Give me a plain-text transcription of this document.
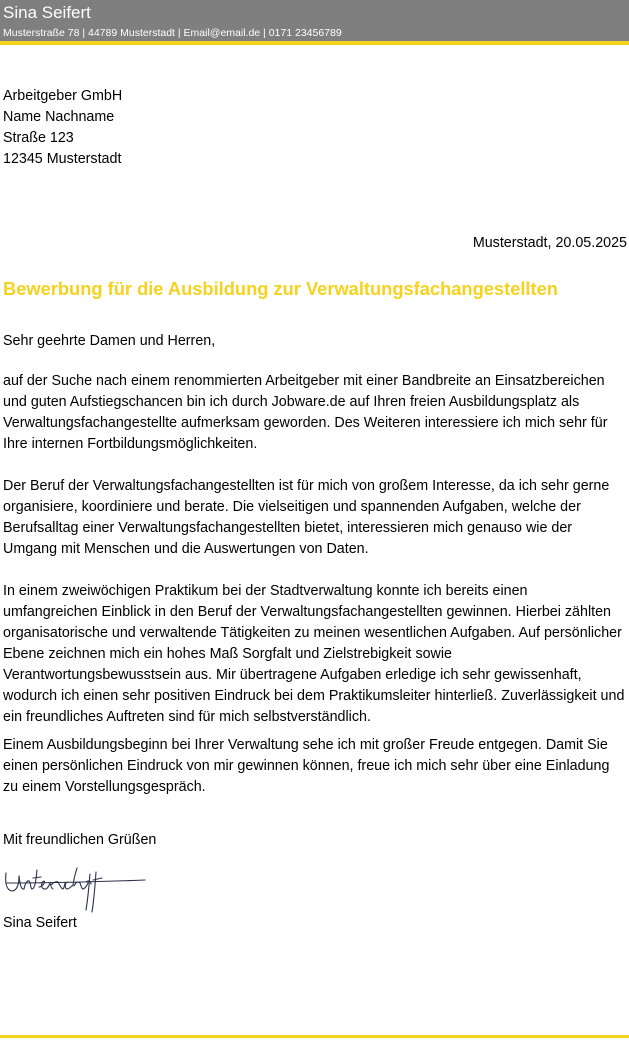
Sina Seifert
Musterstraße 78 | 44789 Musterstadt | Email@email.de | 0171 23456789
Arbeitgeber GmbH
Name Nachname
Straße 123
12345 Musterstadt
Musterstadt, 20.05.2025
Bewerbung für die Ausbildung zur Verwaltungsfachangestellten
Sehr geehrte Damen und Herren,

auf der Suche nach einem renommierten Arbeitgeber mit einer Bandbreite an Einsatzbereichen und guten Aufstiegschancen bin ich durch Jobware.de auf Ihren freien Ausbildungsplatz als Verwaltungsfachangestellte aufmerksam geworden. Des Weiteren interessiere ich mich sehr für Ihre internen Fortbildungsmöglichkeiten.

Der Beruf der Verwaltungsfachangestellten ist für mich von großem Interesse, da ich sehr gerne organisiere, koordiniere und berate. Die vielseitigen und spannenden Aufgaben, welche der Berufsalltag einer Verwaltungsfachangestellten bietet, interessieren mich genauso wie der Umgang mit Menschen und die Auswertungen von Daten.

In einem zweiwöchigen Praktikum bei der Stadtverwaltung konnte ich bereits einen umfangreichen Einblick in den Beruf der Verwaltungsfachangestellten gewinnen. Hierbei zählten organisatorische und verwaltende Tätigkeiten zu meinen wesentlichen Aufgaben. Auf persönlicher Ebene zeichnen mich ein hohes Maß Sorgfalt und Zielstrebigkeit sowie Verantwortungsbewusstsein aus. Mir übertragene Aufgaben erledige ich sehr gewissenhaft, wodurch ich einen sehr positiven Eindruck bei dem Praktikumsleiter hinterließ. Zuverlässigkeit und ein freundliches Auftreten sind für mich selbstverständlich.

Einem Ausbildungsbeginn bei Ihrer Verwaltung sehe ich mit großer Freude entgegen. Damit Sie einen persönlichen Eindruck von mir gewinnen können, freue ich mich sehr über eine Einladung zu einem Vorstellungsgespräch.

Mit freundlichen Grüßen
Sina Seifert
